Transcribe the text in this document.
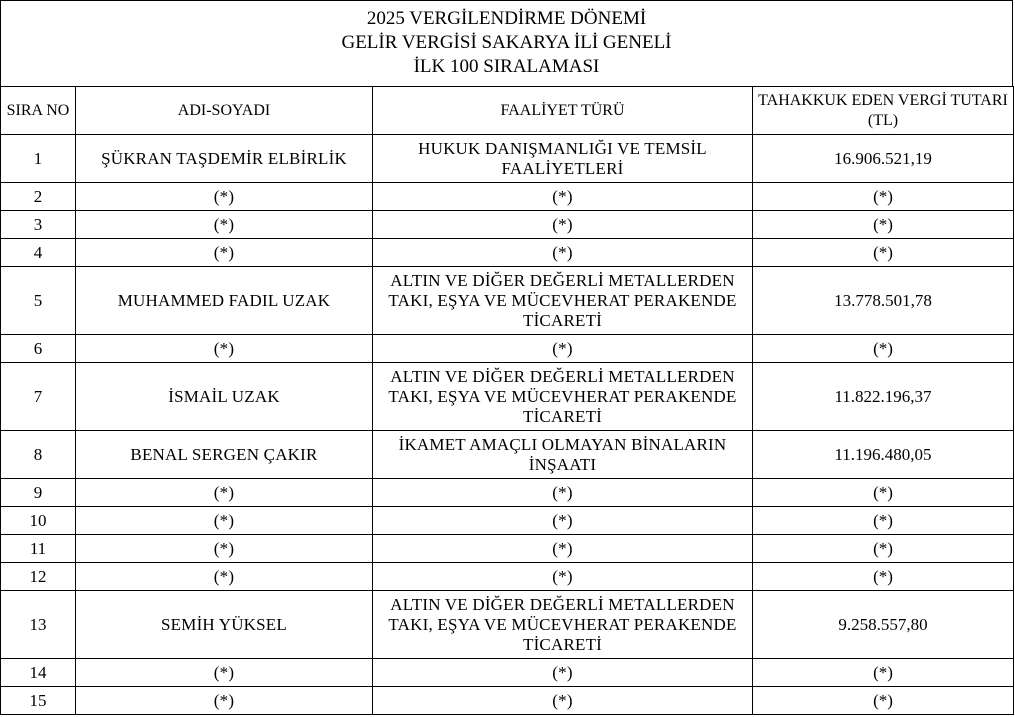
2025 VERGİLENDİRME DÖNEMİ
GELİR VERGİSİ SAKARYA İLİ GENELİ
İLK 100 SIRALAMASI
SIRA NO	ADI-SOYADI	FAALİYET TÜRÜ	TAHAKKUK EDEN VERGİ TUTARI (TL)
1	ŞÜKRAN TAŞDEMİR ELBİRLİK	HUKUK DANIŞMANLIĞI VE TEMSİL FAALİYETLERİ	16.906.521,19
2	(*)	(*)	(*)
3	(*)	(*)	(*)
4	(*)	(*)	(*)
5	MUHAMMED FADIL UZAK	ALTIN VE DİĞER DEĞERLİ METALLERDEN TAKI, EŞYA VE MÜCEVHERAT PERAKENDE TİCARETİ	13.778.501,78
6	(*)	(*)	(*)
7	İSMAİL UZAK	ALTIN VE DİĞER DEĞERLİ METALLERDEN TAKI, EŞYA VE MÜCEVHERAT PERAKENDE TİCARETİ	11.822.196,37
8	BENAL SERGEN ÇAKIR	İKAMET AMAÇLI OLMAYAN BİNALARIN İNŞAATI	11.196.480,05
9	(*)	(*)	(*)
10	(*)	(*)	(*)
11	(*)	(*)	(*)
12	(*)	(*)	(*)
13	SEMİH YÜKSEL	ALTIN VE DİĞER DEĞERLİ METALLERDEN TAKI, EŞYA VE MÜCEVHERAT PERAKENDE TİCARETİ	9.258.557,80
14	(*)	(*)	(*)
15	(*)	(*)	(*)
